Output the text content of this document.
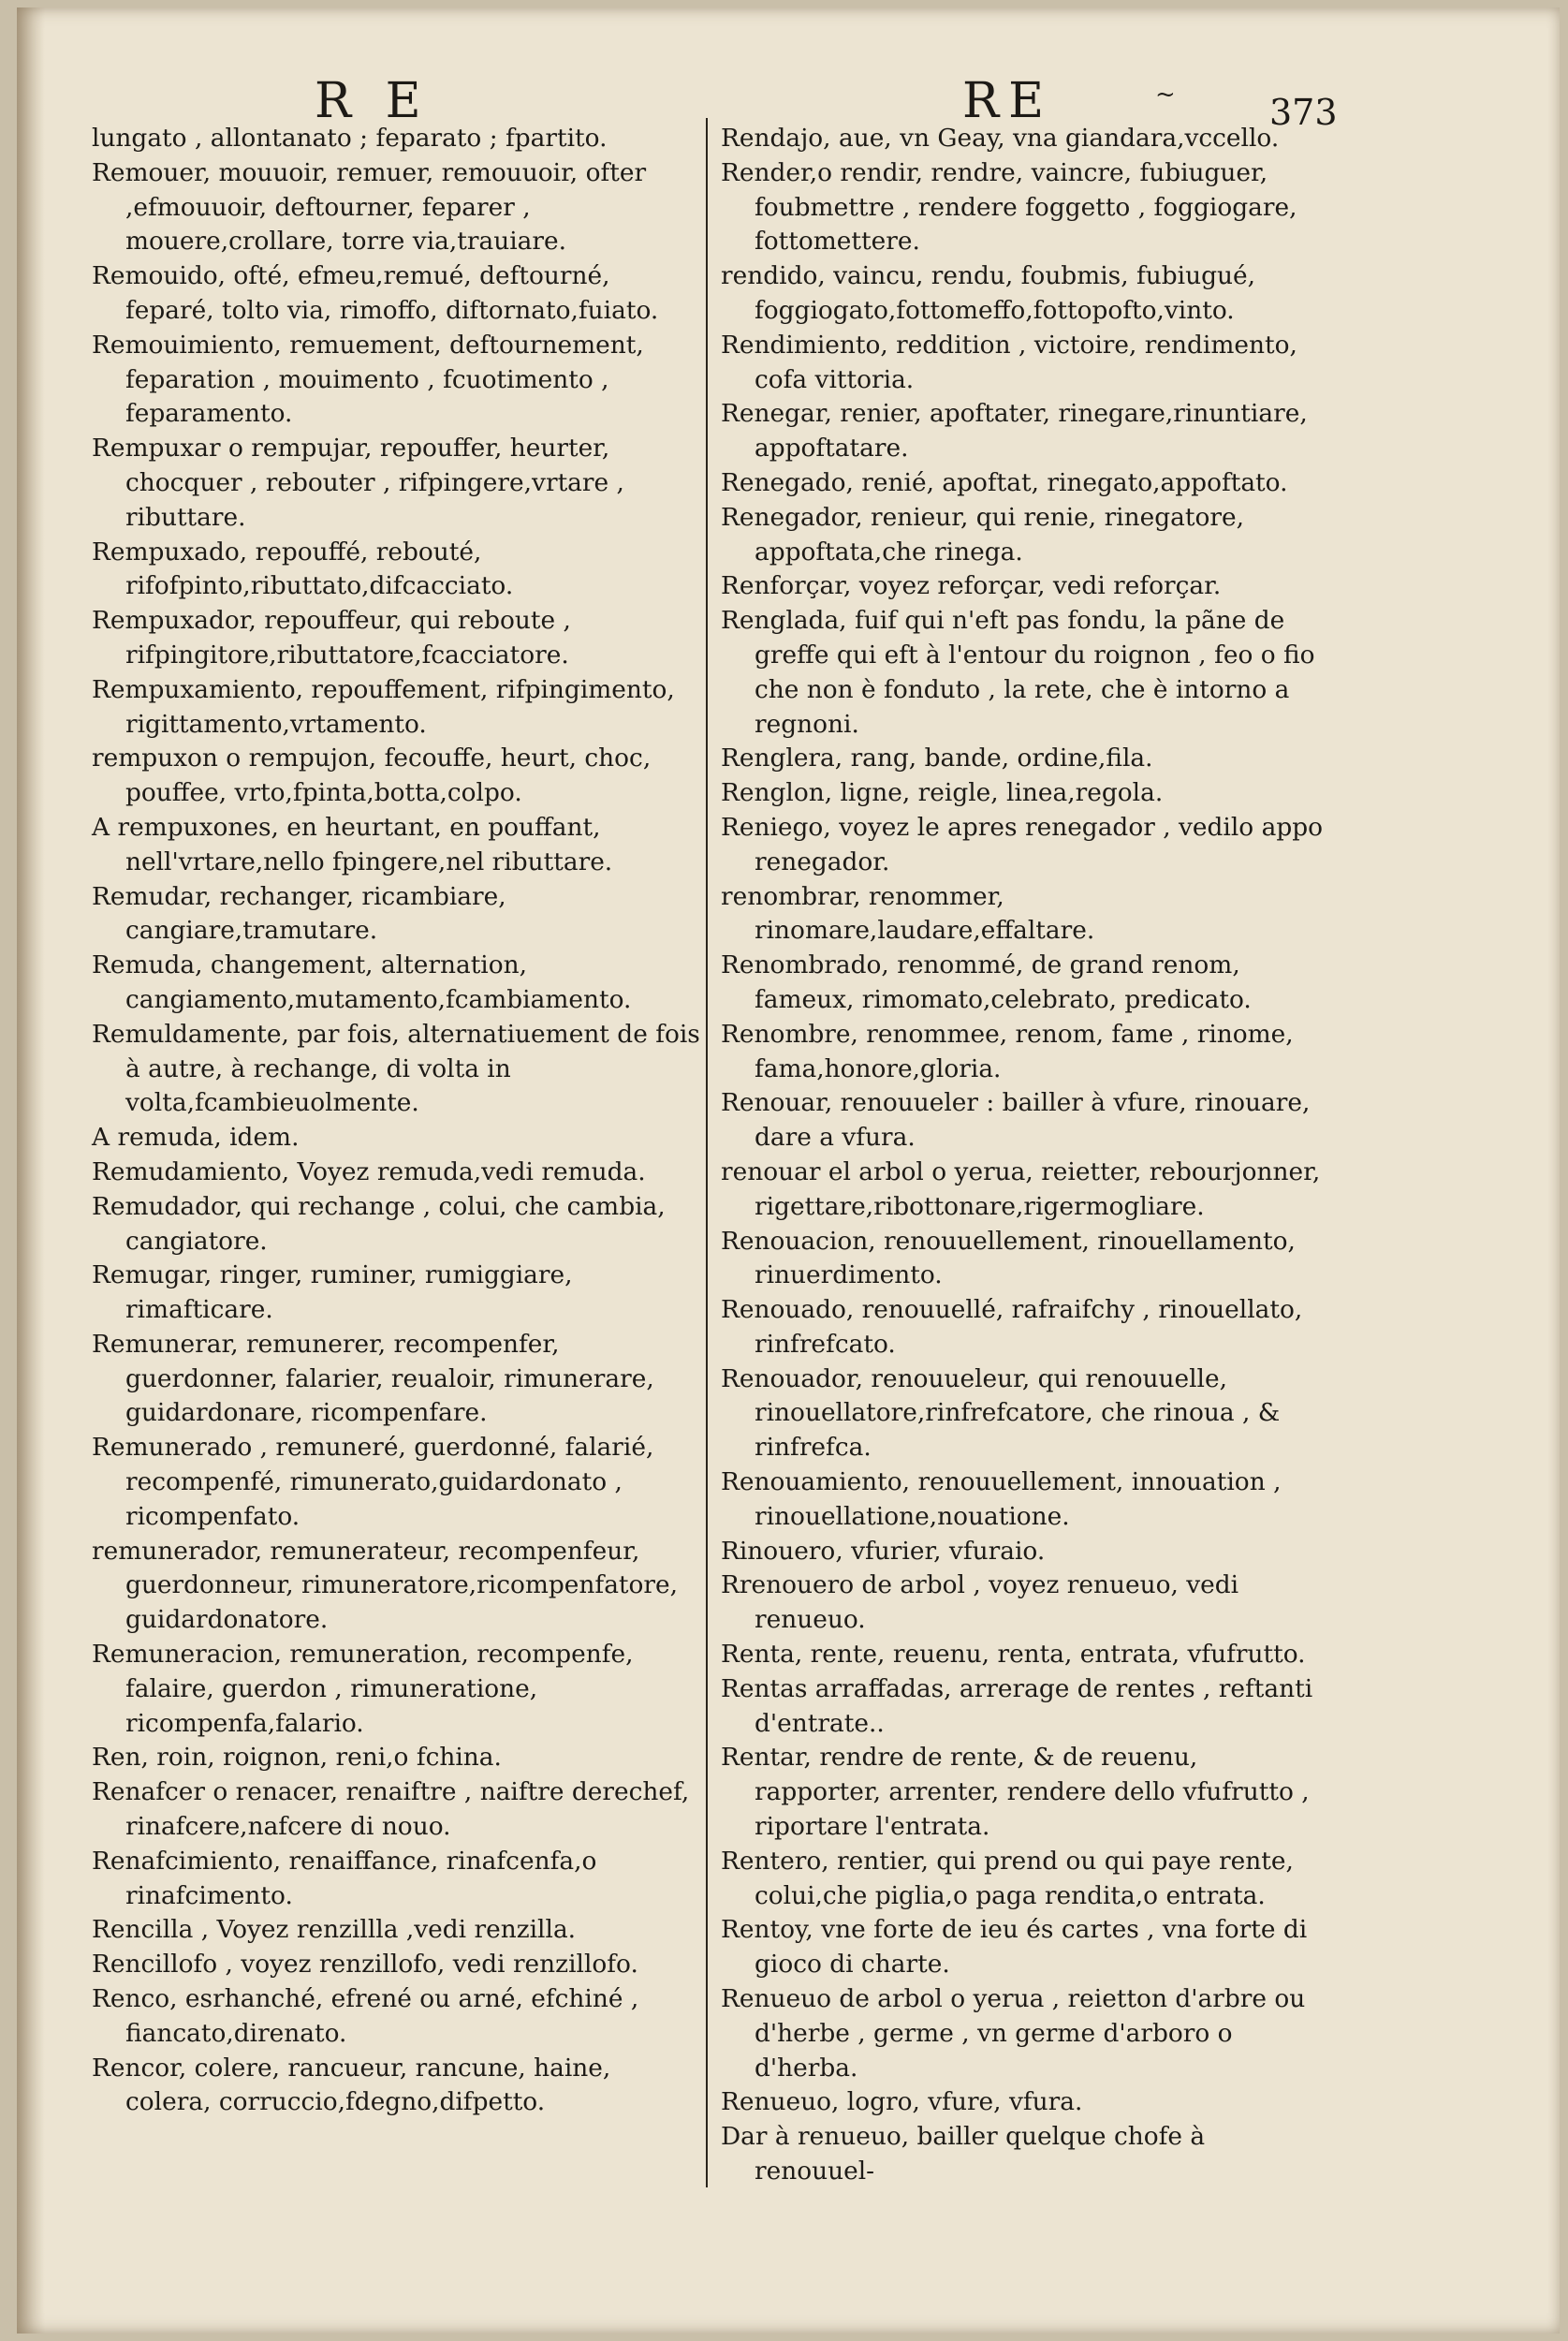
R E	RE	~	373

lungato , allontanato ; feparato ; fpartito.

Remouer, mouuoir, remuer, remouuoir, ofter ,efmouuoir, deftourner, feparer , mouere,crollare, torre via,trauiare.

Remouido, ofté, efmeu,remué, deftourné, feparé, tolto via, rimoffo, diftornato,fuiato.

Remouimiento, remuement, deftournement, feparation , mouimento , fcuotimento , feparamento.

Rempuxar o rempujar, repouffer, heurter, chocquer , rebouter , rifpingere,vrtare , ributtare.

Rempuxado, repouffé, rebouté, rifofpinto,ributtato,difcacciato.

Rempuxador, repouffeur, qui reboute , rifpingitore,ributtatore,fcacciatore.

Rempuxamiento, repouffement, rifpingimento, rigittamento,vrtamento.

rempuxon o rempujon, fecouffe, heurt, choc, pouffee, vrto,fpinta,botta,colpo.

A rempuxones, en heurtant, en pouffant, nell'vrtare,nello fpingere,nel ributtare.

Remudar, rechanger, ricambiare, cangiare,tramutare.

Remuda, changement, alternation, cangiamento,mutamento,fcambiamento.

Remuldamente, par fois, alternatiuement de fois à autre, à rechange, di volta in volta,fcambieuolmente.

A remuda, idem.

Remudamiento, Voyez remuda,vedi remuda.

Remudador, qui rechange , colui, che cambia, cangiatore.

Remugar, ringer, ruminer, rumiggiare, rimafticare.

Remunerar, remunerer, recompenfer, guerdonner, falarier, reualoir, rimunerare, guidardonare, ricompenfare.

Remunerado , remuneré, guerdonné, falarié, recompenfé, rimunerato,guidardonato , ricompenfato.

remunerador, remunerateur, recompenfeur, guerdonneur, rimuneratore,ricompenfatore, guidardonatore.

Remuneracion, remuneration, recompenfe, falaire, guerdon , rimuneratione, ricompenfa,falario.

Ren, roin, roignon, reni,o fchina.

Renafcer o renacer, renaiftre , naiftre derechef, rinafcere,nafcere di nouo.

Renafcimiento, renaiffance, rinafcenfa,o rinafcimento.

Rencilla , Voyez renzillla ,vedi renzilla.

Rencillofo , voyez renzillofo, vedi renzillofo.

Renco, esrhanché, efrené ou arné, efchiné , fiancato,direnato.

Rencor, colere, rancueur, rancune, haine, colera, corruccio,fdegno,difpetto.

Rendajo, aue, vn Geay, vna giandara,vccello.

Render,o rendir, rendre, vaincre, fubiuguer, foubmettre , rendere foggetto , foggiogare, fottomettere.

rendido, vaincu, rendu, foubmis, fubiugué, foggiogato,fottomeffo,fottopofto,vinto.

Rendimiento, reddition , victoire, rendimento, cofa vittoria.

Renegar, renier, apoftater, rinegare,rinuntiare, appoftatare.

Renegado, renié, apoftat, rinegato,appoftato.

Renegador, renieur, qui renie, rinegatore, appoftata,che rinega.

Renforçar, voyez reforçar, vedi reforçar.

Renglada, fuif qui n'eft pas fondu, la pãne de greffe qui eft à l'entour du roignon , feo o fio che non è fonduto , la rete, che è intorno a regnoni.

Renglera, rang, bande, ordine,fila.

Renglon, ligne, reigle, linea,regola.

Reniego, voyez le apres renegador , vedilo appo renegador.

renombrar, renommer, rinomare,laudare,effaltare.

Renombrado, renommé, de grand renom, fameux, rimomato,celebrato, predicato.

Renombre, renommee, renom, fame , rinome, fama,honore,gloria.

Renouar, renouueler : bailler à vfure, rinouare, dare a vfura.

renouar el arbol o yerua, reietter, rebourjonner, rigettare,ribottonare,rigermogliare.

Renouacion, renouuellement, rinouellamento, rinuerdimento.

Renouado, renouuellé, rafraifchy , rinouellato, rinfrefcato.

Renouador, renouueleur, qui renouuelle, rinouellatore,rinfrefcatore, che rinoua , & rinfrefca.

Renouamiento, renouuellement, innouation , rinouellatione,nouatione.

Rinouero, vfurier, vfuraio.

Rrenouero de arbol , voyez renueuo, vedi renueuo.

Renta, rente, reuenu, renta, entrata, vfufrutto.

Rentas arraffadas, arrerage de rentes , reftanti d'entrate..

Rentar, rendre de rente, & de reuenu, rapporter, arrenter, rendere dello vfufrutto , riportare l'entrata.

Rentero, rentier, qui prend ou qui paye rente, colui,che piglia,o paga rendita,o entrata.

Rentoy, vne forte de ieu és cartes , vna forte di gioco di charte.

Renueuo de arbol o yerua , reietton d'arbre ou d'herbe , germe , vn germe d'arboro o d'herba.

Renueuo, logro, vfure, vfura.

Dar à renueuo, bailler quelque chofe à renouuel-
